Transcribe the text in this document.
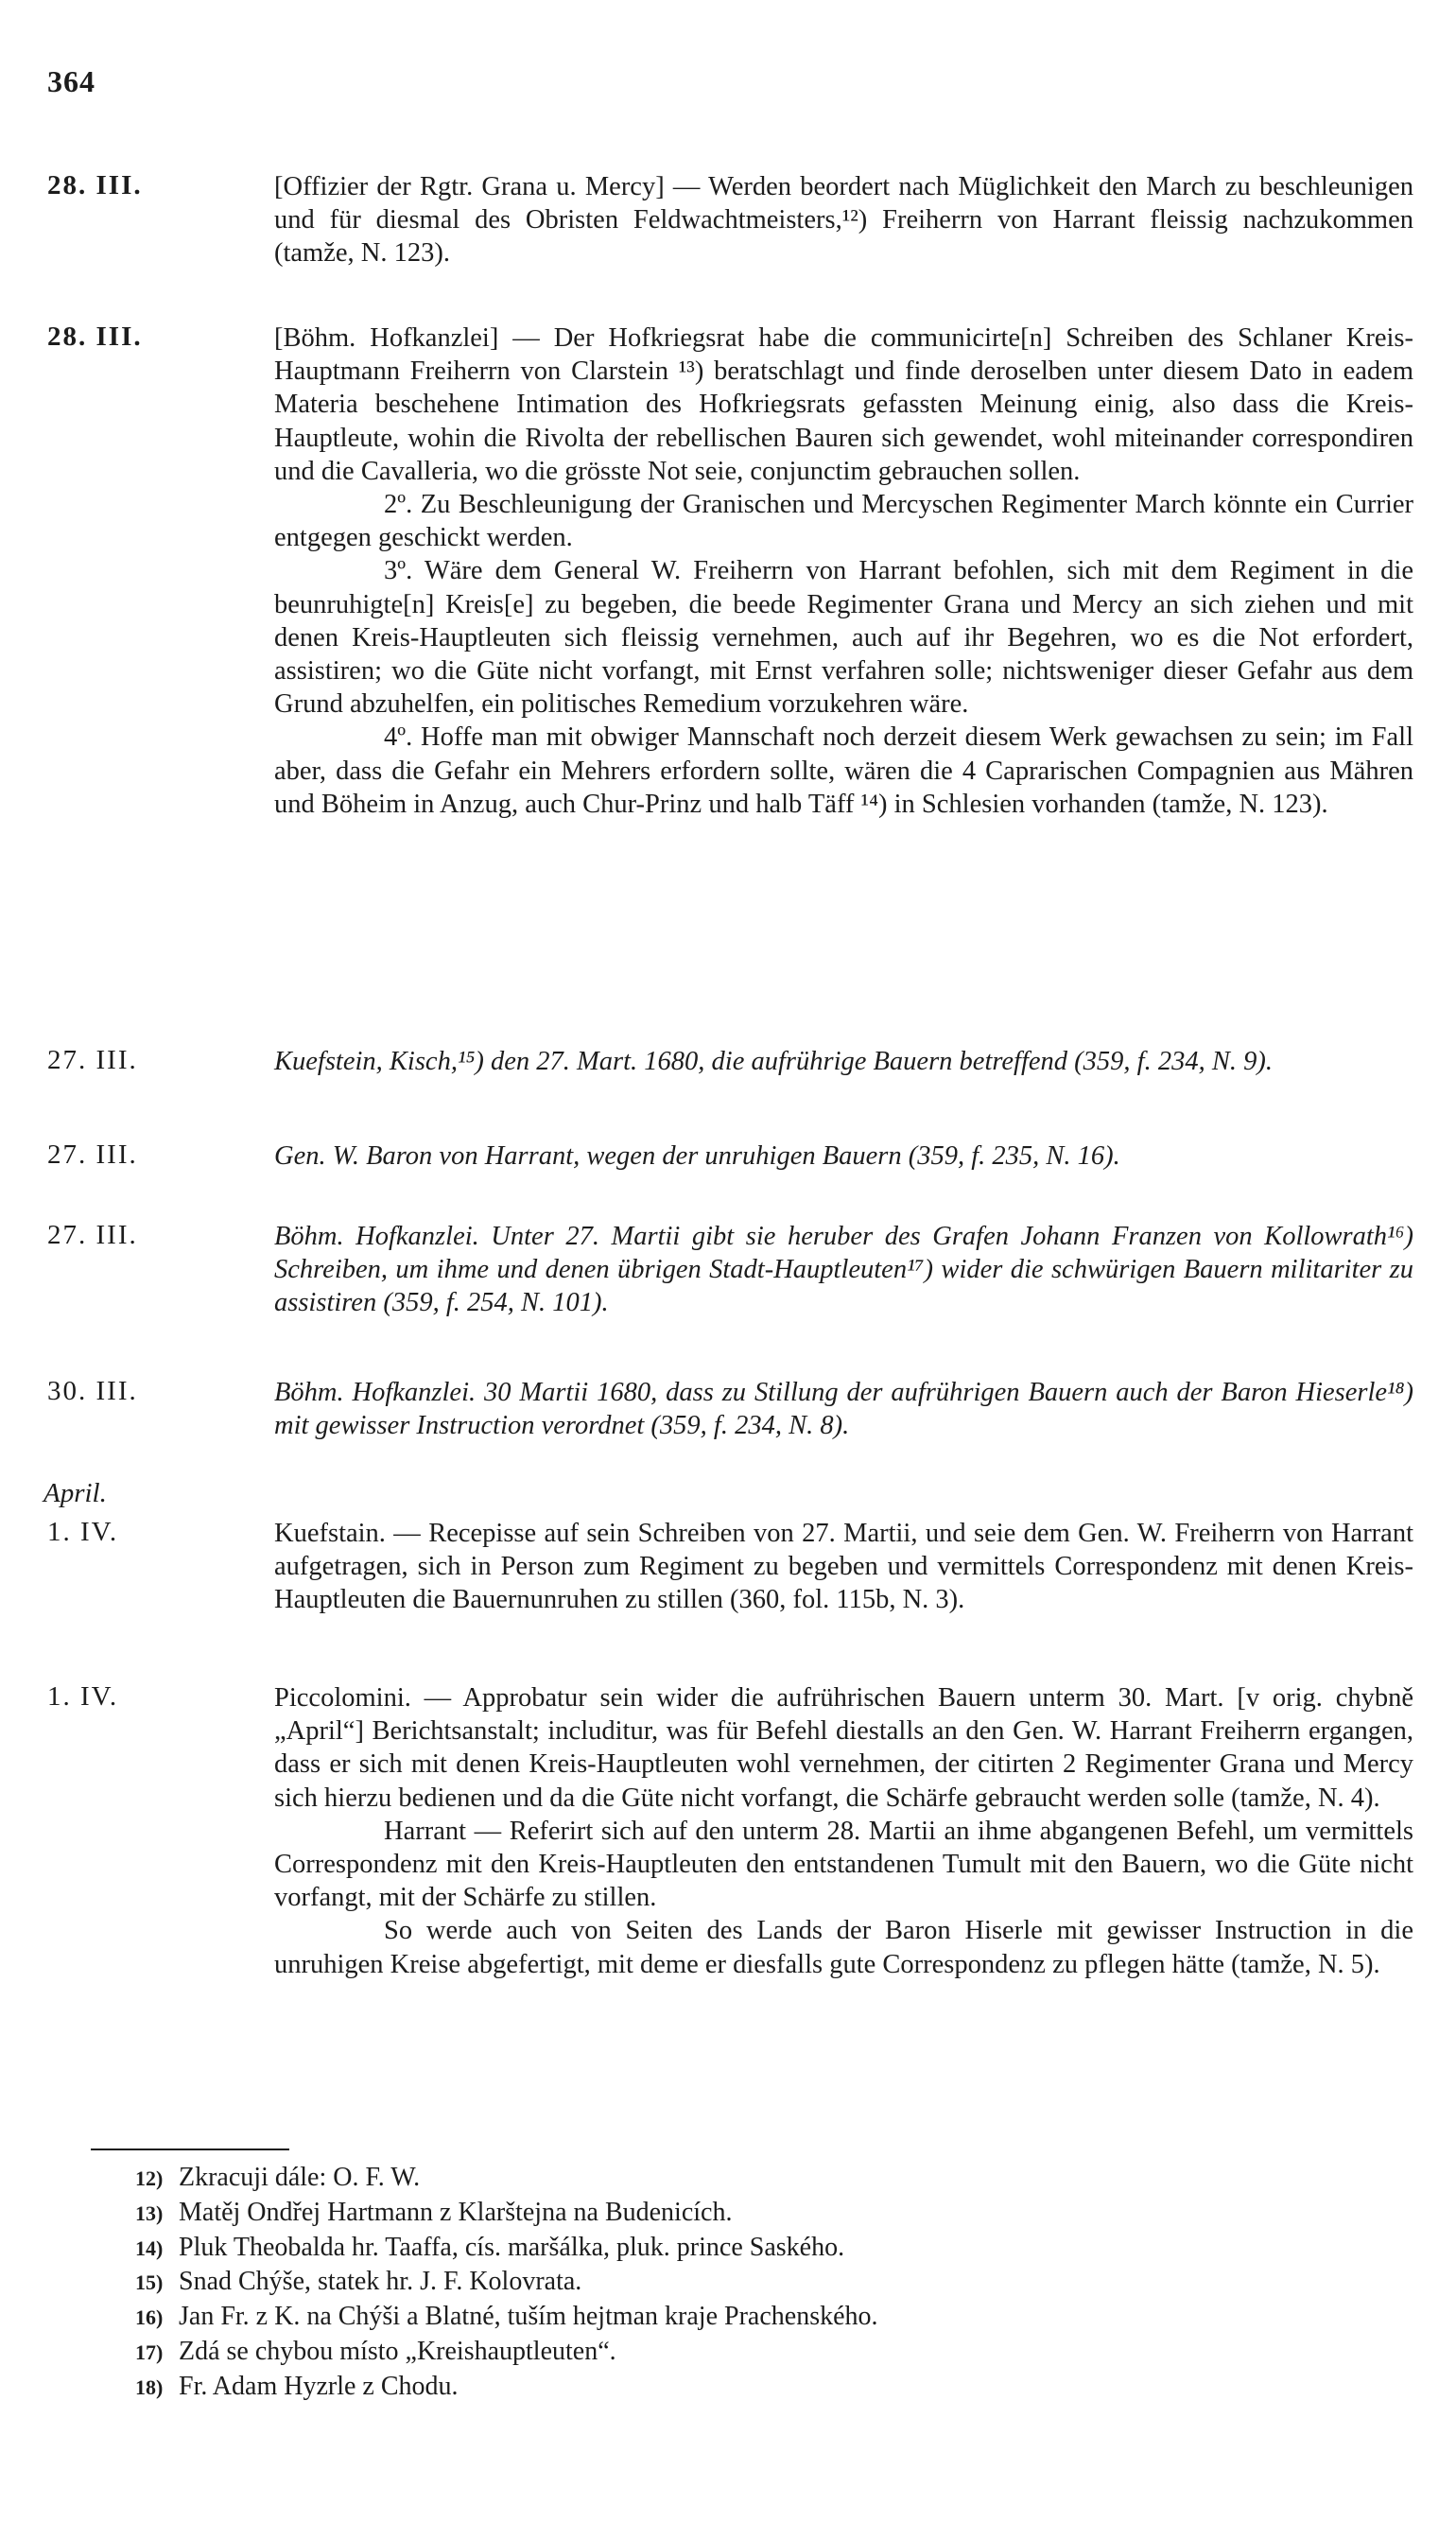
364
28. III.	[Offizier der Rgtr. Grana u. Mercy] — Werden beordert nach Müglichkeit den March zu beschleunigen und für diesmal des Obristen Feldwachtmeisters,¹²) Freiherrn von Harrant fleissig nachzukommen (tamže, N. 123).

28. III.	[Böhm. Hofkanzlei] — Der Hofkriegsrat habe die communicirte[n] Schreiben des Schlaner Kreis-Hauptmann Freiherrn von Clarstein ¹³) beratschlagt und finde deroselben unter diesem Dato in eadem Materia beschehene Intimation des Hofkriegsrats gefassten Meinung einig, also dass die Kreis-Hauptleute, wohin die Rivolta der rebellischen Bauren sich gewendet, wohl miteinander correspondiren und die Cavalleria, wo die grösste Not seie, conjunctim gebrauchen sollen.

2º. Zu Beschleunigung der Granischen und Mercyschen Regimenter March könnte ein Currier entgegen geschickt werden.

3º. Wäre dem General W. Freiherrn von Harrant befohlen, sich mit dem Regiment in die beunruhigte[n] Kreis[e] zu begeben, die beede Regimenter Grana und Mercy an sich ziehen und mit denen Kreis-Hauptleuten sich fleissig vernehmen, auch auf ihr Begehren, wo es die Not erfordert, assistiren; wo die Güte nicht vorfangt, mit Ernst verfahren solle; nichtsweniger dieser Gefahr aus dem Grund abzuhelfen, ein politisches Remedium vorzukehren wäre.

4º. Hoffe man mit obwiger Mannschaft noch derzeit diesem Werk gewachsen zu sein; im Fall aber, dass die Gefahr ein Mehrers erfordern sollte, wären die 4 Caprarischen Compagnien aus Mähren und Böheim in Anzug, auch Chur-Prinz und halb Täff ¹⁴) in Schlesien vorhanden (tamže, N. 123).

27. III.	Kuefstein, Kisch,¹⁵) den 27. Mart. 1680, die aufrührige Bauern betreffend (359, f. 234, N. 9).

27. III.	Gen. W. Baron von Harrant, wegen der unruhigen Bauern (359, f. 235, N. 16).

27. III.	Böhm. Hofkanzlei. Unter 27. Martii gibt sie heruber des Grafen Johann Franzen von Kollowrath¹⁶) Schreiben, um ihme und denen übrigen Stadt-Hauptleuten¹⁷) wider die schwürigen Bauern militariter zu assistiren (359, f. 254, N. 101).

30. III.	Böhm. Hofkanzlei. 30 Martii 1680, dass zu Stillung der aufrührigen Bauern auch der Baron Hieserle¹⁸) mit gewisser Instruction verordnet (359, f. 234, N. 8).

April.
1. IV.	Kuefstain. — Recepisse auf sein Schreiben von 27. Martii, und seie dem Gen. W. Freiherrn von Harrant aufgetragen, sich in Person zum Regiment zu begeben und vermittels Correspondenz mit denen Kreis-Hauptleuten die Bauernunruhen zu stillen (360, fol. 115b, N. 3).

1. IV.	Piccolomini. — Approbatur sein wider die aufrührischen Bauern unterm 30. Mart. [v orig. chybně „April“] Berichtsanstalt; includitur, was für Befehl diestalls an den Gen. W. Harrant Freiherrn ergangen, dass er sich mit denen Kreis-Hauptleuten wohl vernehmen, der citirten 2 Regimenter Grana und Mercy sich hierzu bedienen und da die Güte nicht vorfangt, die Schärfe gebraucht werden solle (tamže, N. 4).

Harrant — Referirt sich auf den unterm 28. Martii an ihme abgangenen Befehl, um vermittels Correspondenz mit den Kreis-Hauptleuten den entstandenen Tumult mit den Bauern, wo die Güte nicht vorfangt, mit der Schärfe zu stillen.

So werde auch von Seiten des Lands der Baron Hiserle mit gewisser Instruction in die unruhigen Kreise abgefertigt, mit deme er diesfalls gute Correspondenz zu pflegen hätte (tamže, N. 5).

12) Zkracuji dále: O. F. W.
13) Matěj Ondřej Hartmann z Klarštejna na Budenicích.
14) Pluk Theobalda hr. Taaffa, cís. maršálka, pluk. prince Saského.
15) Snad Chýše, statek hr. J. F. Kolovrata.
16) Jan Fr. z K. na Chýši a Blatné, tuším hejtman kraje Prachenského.
17) Zdá se chybou místo „Kreishauptleuten“.
18) Fr. Adam Hyzrle z Chodu.
